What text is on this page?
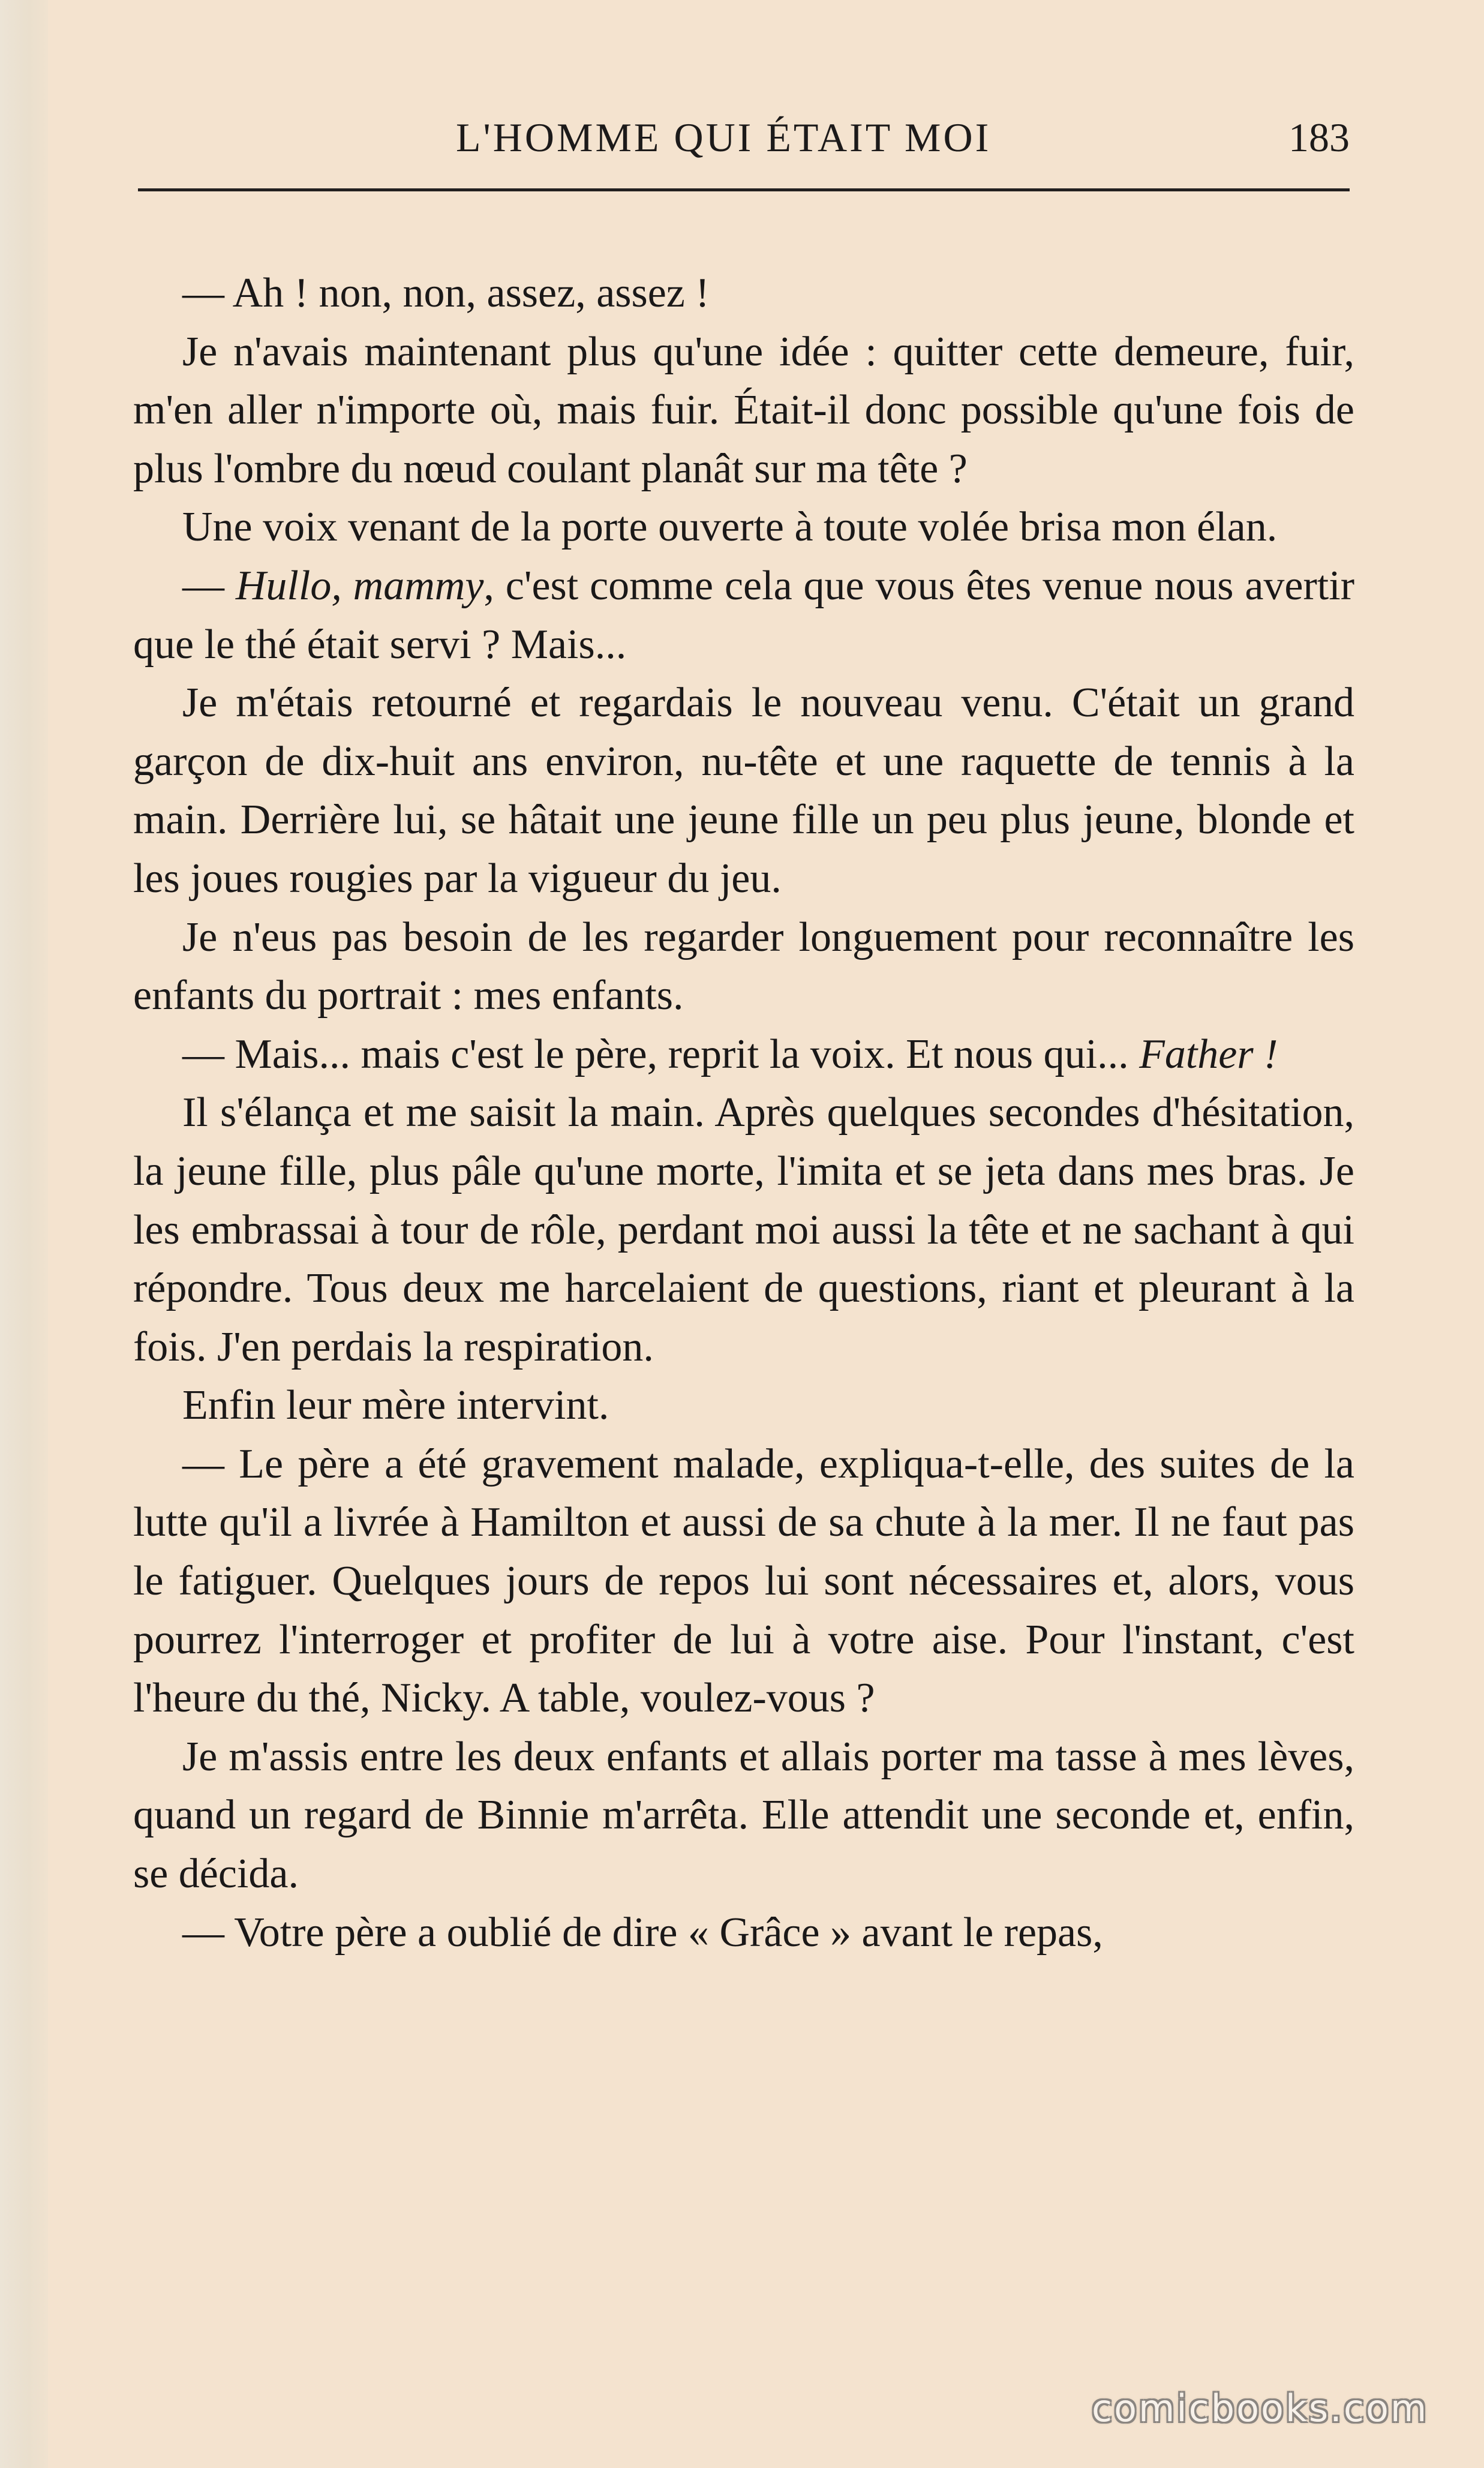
L'HOMME QUI ÉTAIT MOI	183

— Ah ! non, non, assez, assez !

Je n'avais maintenant plus qu'une idée : quitter cette demeure, fuir, m'en aller n'importe où, mais fuir. Était-il donc possible qu'une fois de plus l'ombre du nœud coulant planât sur ma tête ?

Une voix venant de la porte ouverte à toute volée brisa mon élan.

— Hullo, mammy, c'est comme cela que vous êtes venue nous avertir que le thé était servi ? Mais...

Je m'étais retourné et regardais le nouveau venu. C'était un grand garçon de dix-huit ans environ, nu-tête et une raquette de tennis à la main. Derrière lui, se hâtait une jeune fille un peu plus jeune, blonde et les joues rougies par la vigueur du jeu.

Je n'eus pas besoin de les regarder longuement pour reconnaître les enfants du portrait : mes enfants.

— Mais... mais c'est le père, reprit la voix. Et nous qui... Father !

Il s'élança et me saisit la main. Après quelques secondes d'hésitation, la jeune fille, plus pâle qu'une morte, l'imita et se jeta dans mes bras. Je les embrassai à tour de rôle, perdant moi aussi la tête et ne sachant à qui répondre. Tous deux me harcelaient de questions, riant et pleurant à la fois. J'en perdais la respiration.

Enfin leur mère intervint.

— Le père a été gravement malade, expliqua-t-elle, des suites de la lutte qu'il a livrée à Hamilton et aussi de sa chute à la mer. Il ne faut pas le fatiguer. Quelques jours de repos lui sont nécessaires et, alors, vous pourrez l'interroger et profiter de lui à votre aise. Pour l'instant, c'est l'heure du thé, Nicky. A table, voulez-vous ?

Je m'assis entre les deux enfants et allais porter ma tasse à mes lèves, quand un regard de Binnie m'arrêta. Elle attendit une seconde et, enfin, se décida.

— Votre père a oublié de dire « Grâce » avant le repas,

comicbooks.com
